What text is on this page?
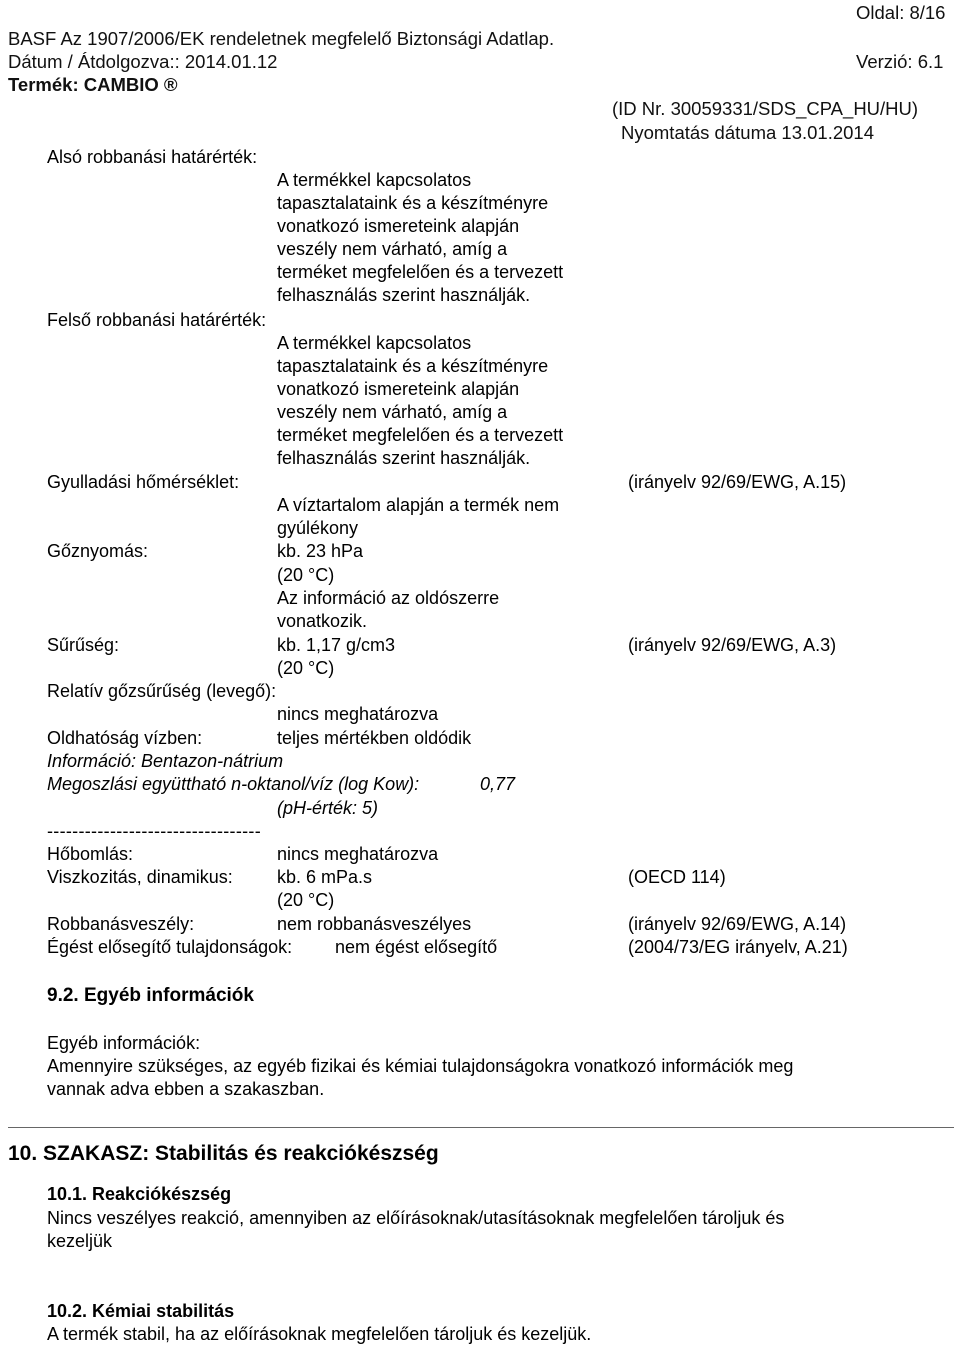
Oldal: 8/16
BASF Az 1907/2006/EK rendeletnek megfelelő Biztonsági Adatlap.
Dátum / Átdolgozva:: 2014.01.12	Verzió: 6.1
Termék: CAMBIO ®
(ID Nr. 30059331/SDS_CPA_HU/HU)
Nyomtatás dátuma 13.01.2014
Alsó robbanási határérték:
A termékkel kapcsolatos
tapasztalataink és a készítményre
vonatkozó ismereteink alapján
veszély nem várható, amíg a
terméket megfelelően és a tervezett
felhasználás szerint használják.
Felső robbanási határérték:
A termékkel kapcsolatos
tapasztalataink és a készítményre
vonatkozó ismereteink alapján
veszély nem várható, amíg a
terméket megfelelően és a tervezett
felhasználás szerint használják.
Gyulladási hőmérséklet:	(irányelv 92/69/EWG, A.15)
A víztartalom alapján a termék nem
gyúlékony
Gőznyomás:	kb. 23 hPa
(20 °C)
Az információ az oldószerre
vonatkozik.
Sűrűség:	kb. 1,17 g/cm3	(irányelv 92/69/EWG, A.3)
(20 °C)
Relatív gőzsűrűség (levegő):
nincs meghatározva
Oldhatóság vízben:	teljes mértékben oldódik
Információ: Bentazon-nátrium
Megoszlási együttható n-oktanol/víz (log Kow):	0,77
(pH-érték: 5)
----------------------------------
Hőbomlás:	nincs meghatározva
Viszkozitás, dinamikus: kb. 6 mPa.s	(OECD 114)
(20 °C)
Robbanásveszély:	nem robbanásveszélyes	(irányelv 92/69/EWG, A.14)
Égést elősegítő tulajdonságok: nem égést elősegítő	(2004/73/EG irányelv, A.21)
9.2. Egyéb információk
Egyéb információk:
Amennyire szükséges, az egyéb fizikai és kémiai tulajdonságokra vonatkozó információk meg
vannak adva ebben a szakaszban.
10. SZAKASZ: Stabilitás és reakciókészség
10.1. Reakciókészség
Nincs veszélyes reakció, amennyiben az előírásoknak/utasításoknak megfelelően tároljuk és
kezeljük
10.2. Kémiai stabilitás
A termék stabil, ha az előírásoknak megfelelően tároljuk és kezeljük.
